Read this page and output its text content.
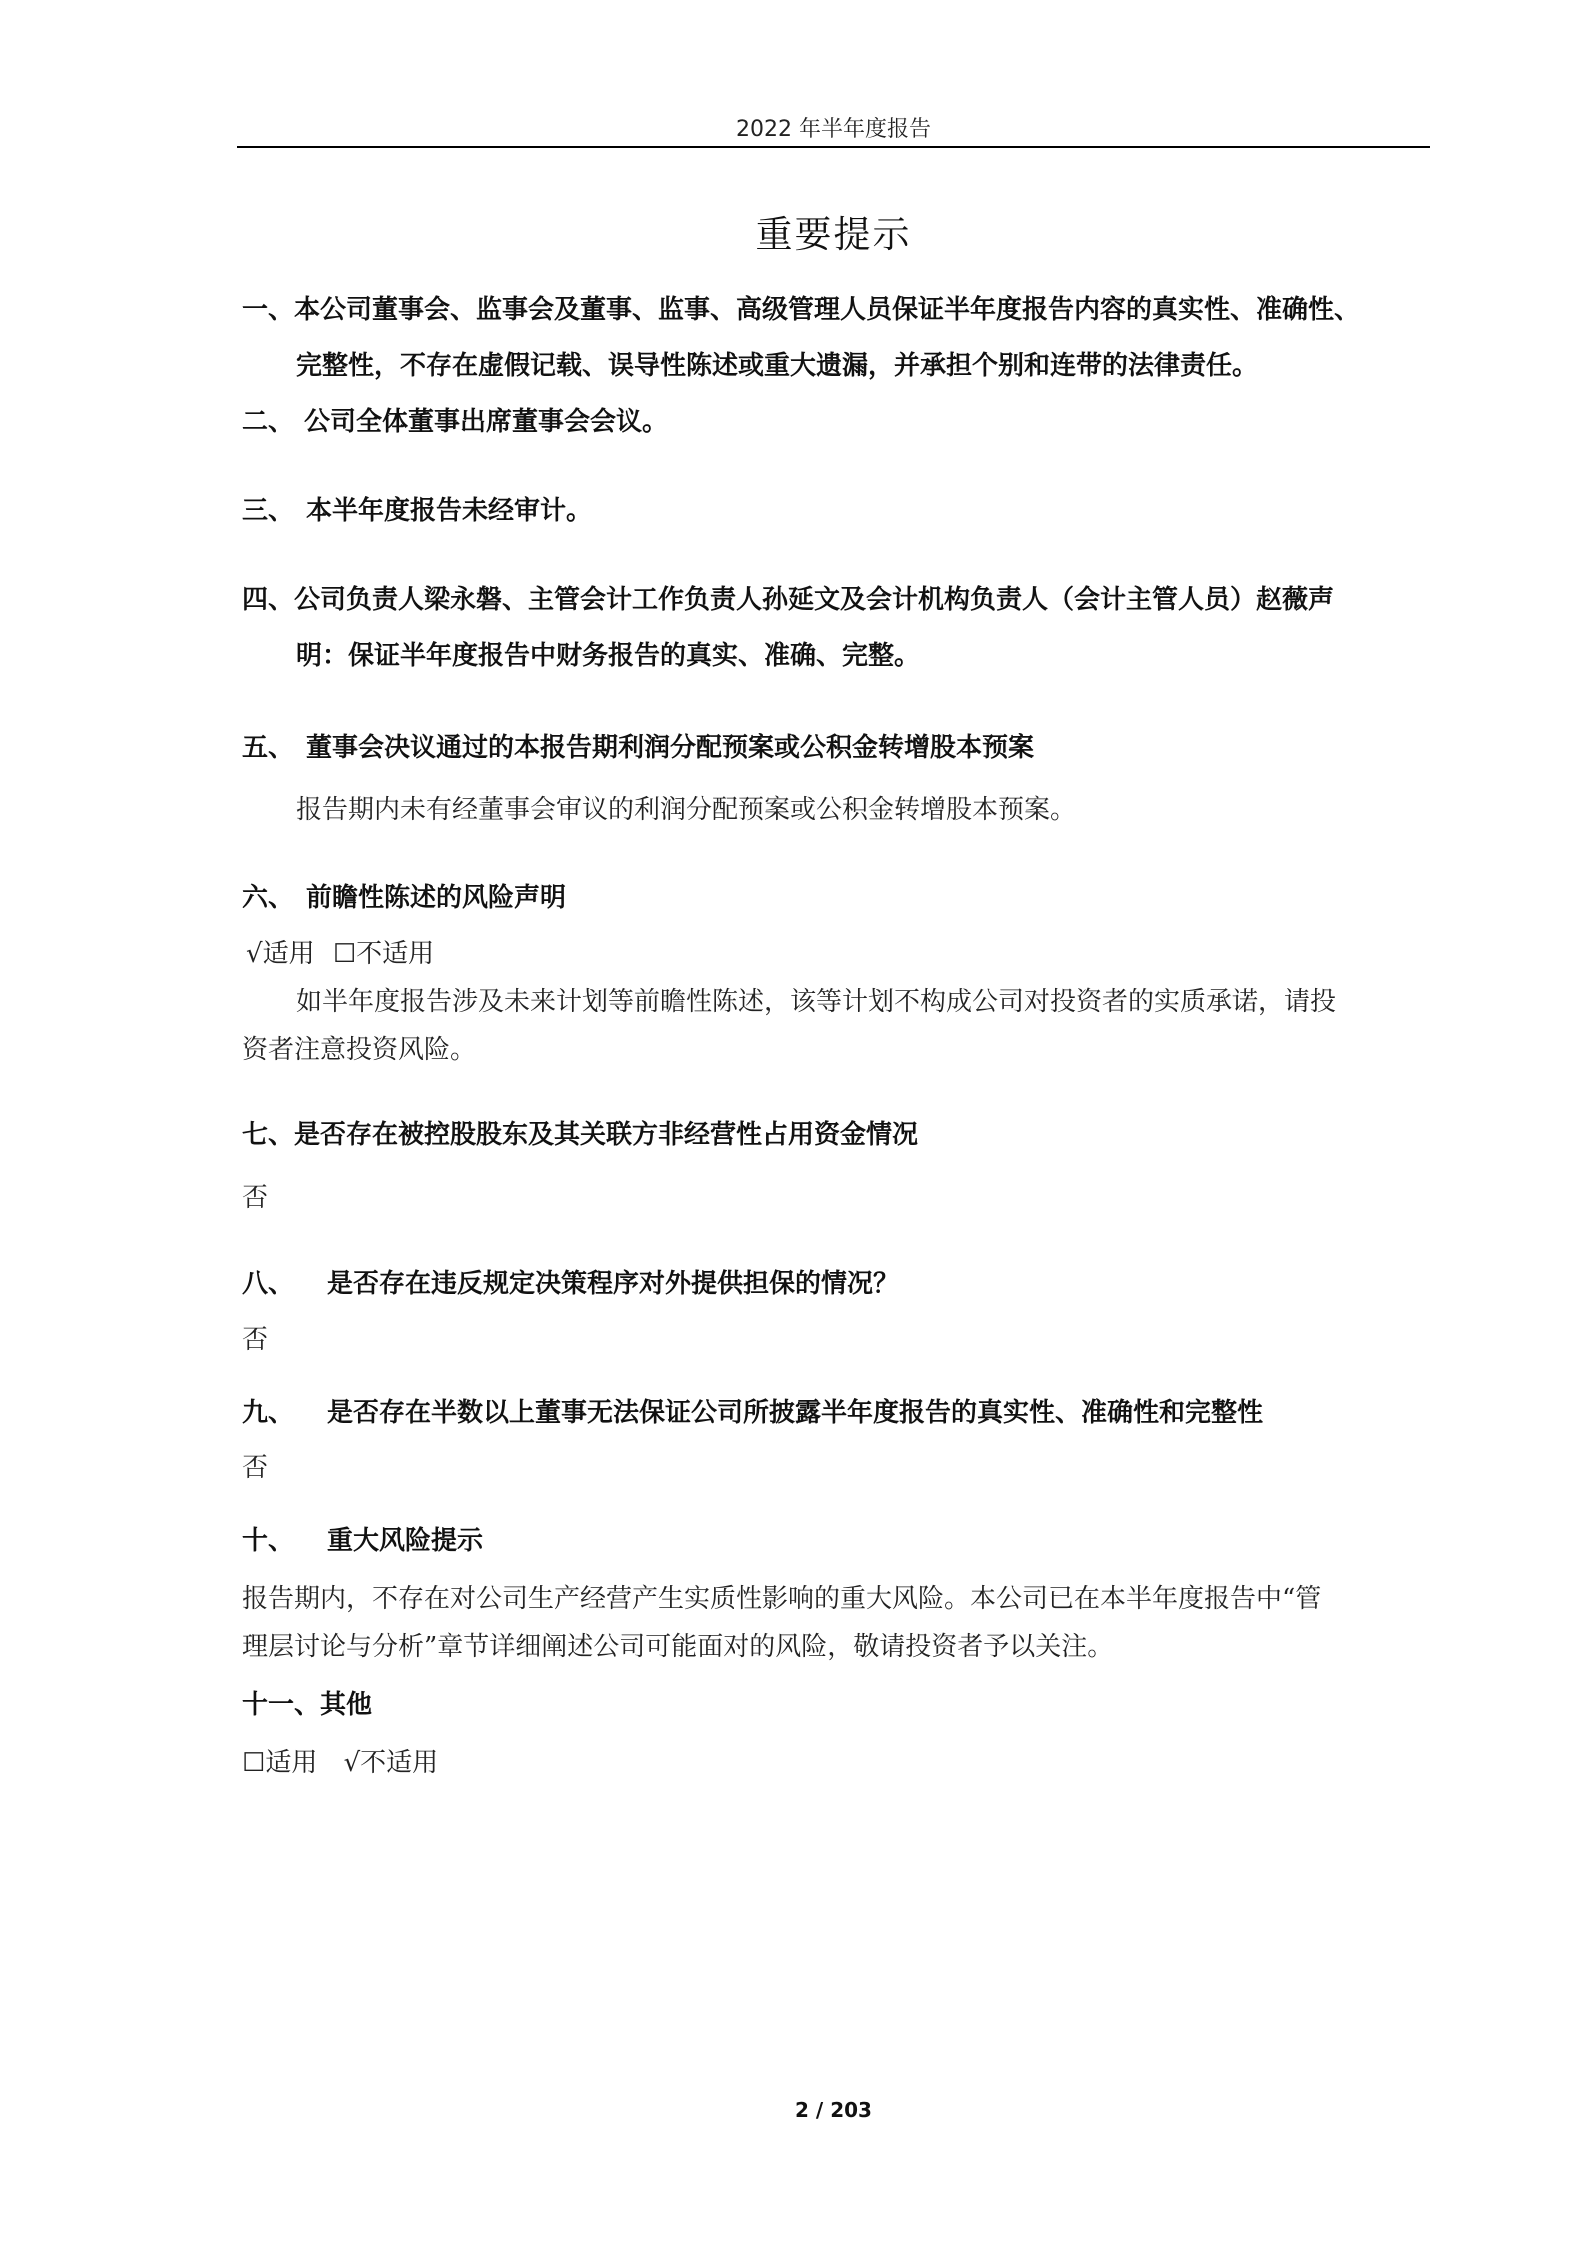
2022 年半年度报告
重要提示
一、本公司董事会、监事会及董事、监事、高级管理人员保证半年度报告内容的真实性、准确性、
完整性，不存在虚假记载、误导性陈述或重大遗漏，并承担个别和连带的法律责任。
二、 公司全体董事出席董事会会议。
三、 本半年度报告未经审计。
四、公司负责人梁永磐、主管会计工作负责人孙延文及会计机构负责人（会计主管人员）赵薇声
明：保证半年度报告中财务报告的真实、准确、完整。
五、 董事会决议通过的本报告期利润分配预案或公积金转增股本预案
报告期内未有经董事会审议的利润分配预案或公积金转增股本预案。
六、 前瞻性陈述的风险声明
√适用 ☐不适用
如半年度报告涉及未来计划等前瞻性陈述，该等计划不构成公司对投资者的实质承诺，请投
资者注意投资风险。
七、是否存在被控股股东及其关联方非经营性占用资金情况
否
八、 是否存在违反规定决策程序对外提供担保的情况？
否
九、 是否存在半数以上董事无法保证公司所披露半年度报告的真实性、准确性和完整性
否
十、 重大风险提示
报告期内，不存在对公司生产经营产生实质性影响的重大风险。本公司已在本半年度报告中“管
理层讨论与分析”章节详细阐述公司可能面对的风险，敬请投资者予以关注。
十一、其他
☐适用 √不适用
2 / 203
